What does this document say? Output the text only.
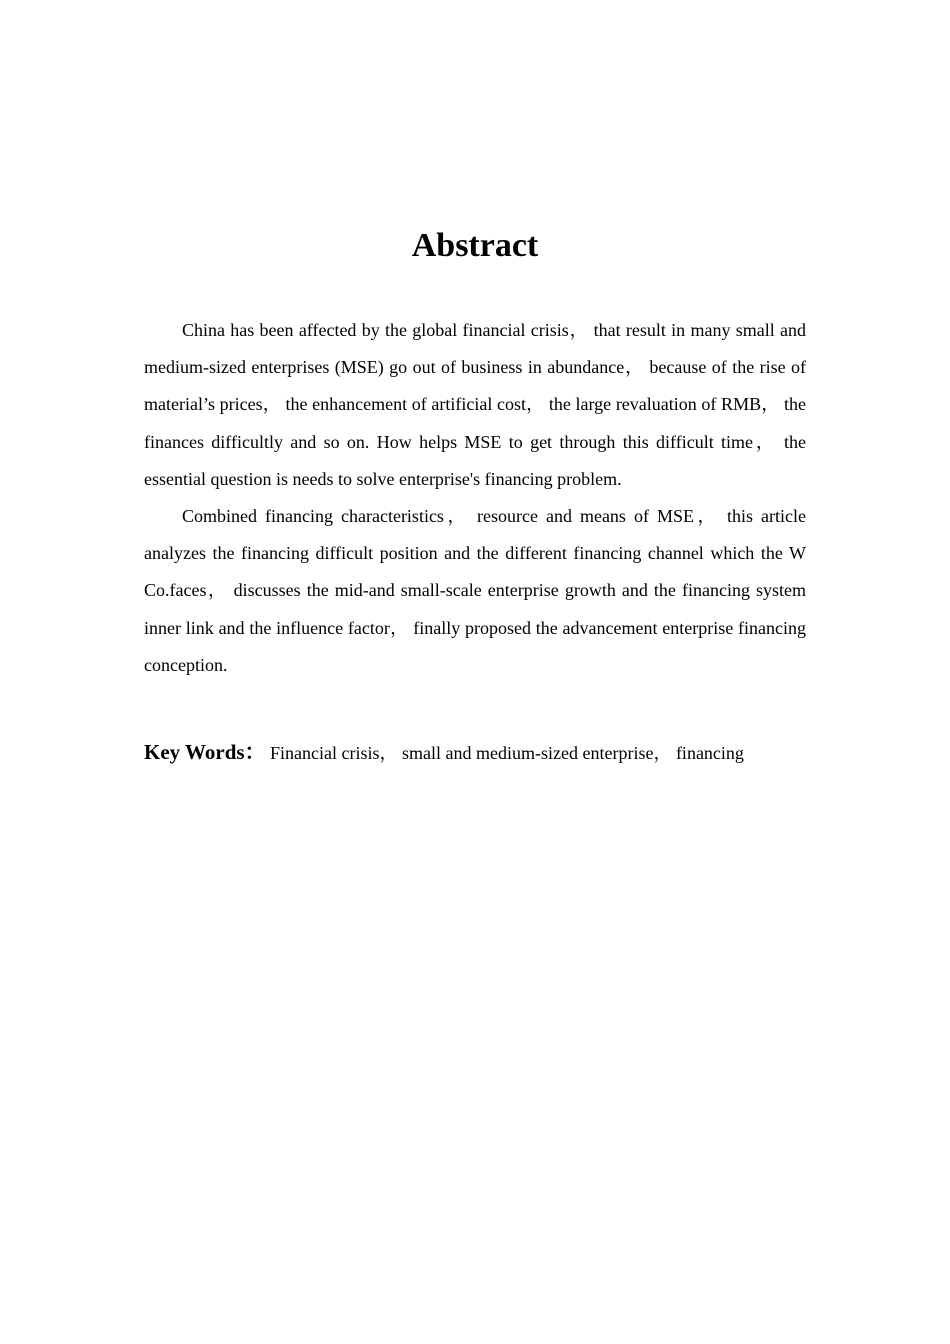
Abstract

China has been affected by the global financial crisis， that result in many small and medium-sized enterprises (MSE) go out of business in abundance， because of the rise of material’s prices， the enhancement of artificial cost， the large revaluation of RMB， the finances difficultly and so on. How helps MSE to get through this difficult time， the essential question is needs to solve enterprise's financing problem.

Combined financing characteristics， resource and means of MSE， this article analyzes the financing difficult position and the different financing channel which the W Co.faces， discusses the mid-and small-scale enterprise growth and the financing system inner link and the influence factor， finally proposed the advancement enterprise financing conception.

Key Words： Financial crisis， small and medium-sized enterprise， financing
